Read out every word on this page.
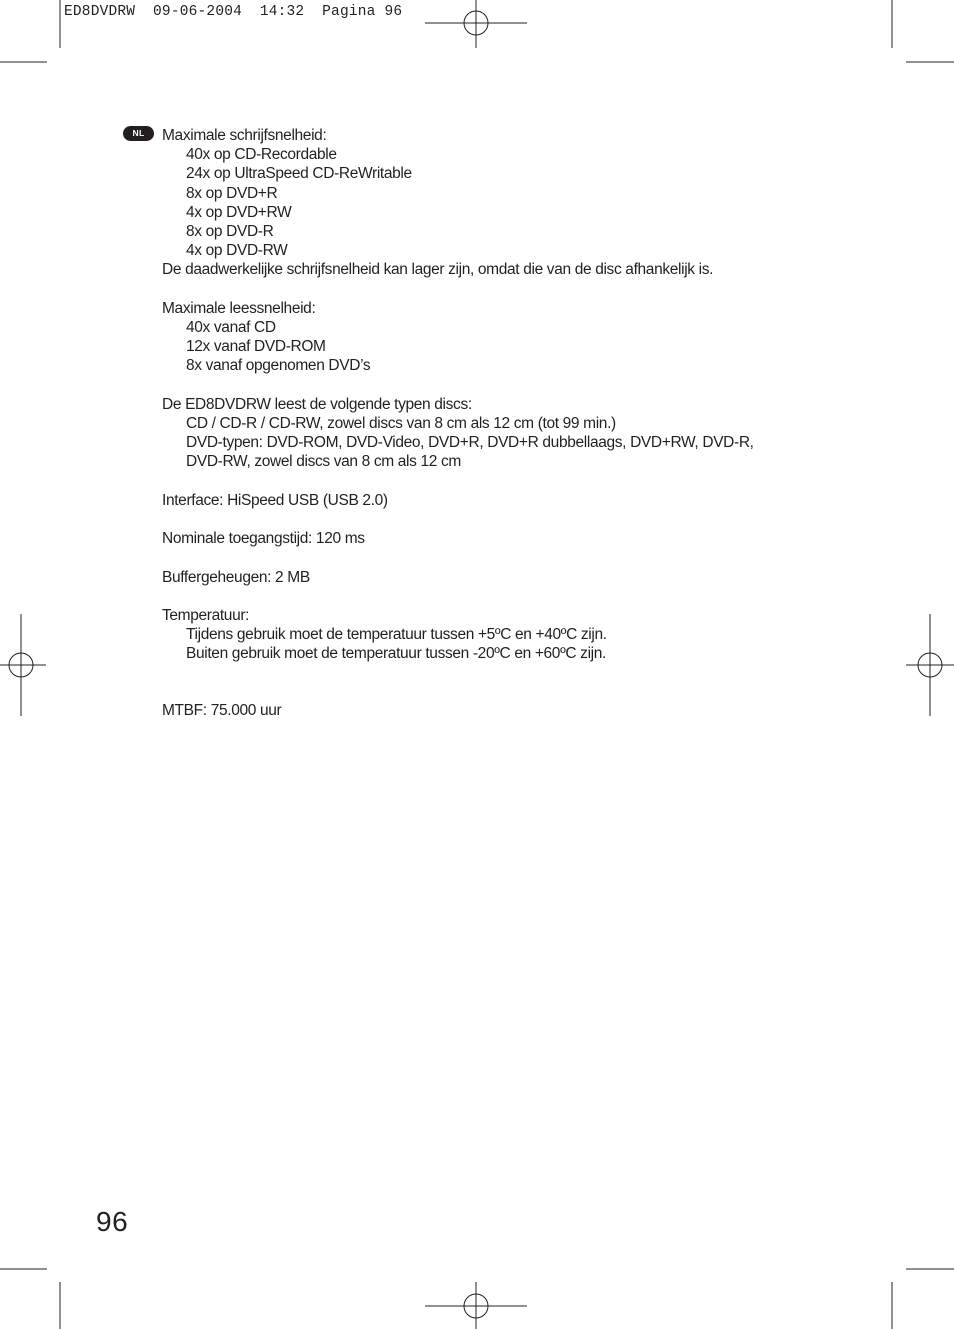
ED8DVDRW  09-06-2004  14:32  Pagina 96
NL	Maximale schrijfsnelheid:
40x op CD-Recordable
24x op UltraSpeed CD-ReWritable
8x op DVD+R
4x op DVD+RW
8x op DVD-R
4x op DVD-RW
De daadwerkelijke schrijfsnelheid kan lager zijn, omdat die van de disc afhankelijk is.
Maximale leessnelheid:
40x vanaf CD
12x vanaf DVD-ROM
8x vanaf opgenomen DVD’s
De ED8DVDRW leest de volgende typen discs:
CD / CD-R / CD-RW, zowel discs van 8 cm als 12 cm (tot 99 min.)
DVD-typen: DVD-ROM, DVD-Video, DVD+R, DVD+R dubbellaags, DVD+RW, DVD-R,
DVD-RW, zowel discs van 8 cm als 12 cm
Interface: HiSpeed USB (USB 2.0)
Nominale toegangstijd: 120 ms
Buffergeheugen: 2 MB
Temperatuur:
Tijdens gebruik moet de temperatuur tussen +5ºC en +40ºC zijn.
Buiten gebruik moet de temperatuur tussen -20ºC en +60ºC zijn.
MTBF: 75.000 uur
96
